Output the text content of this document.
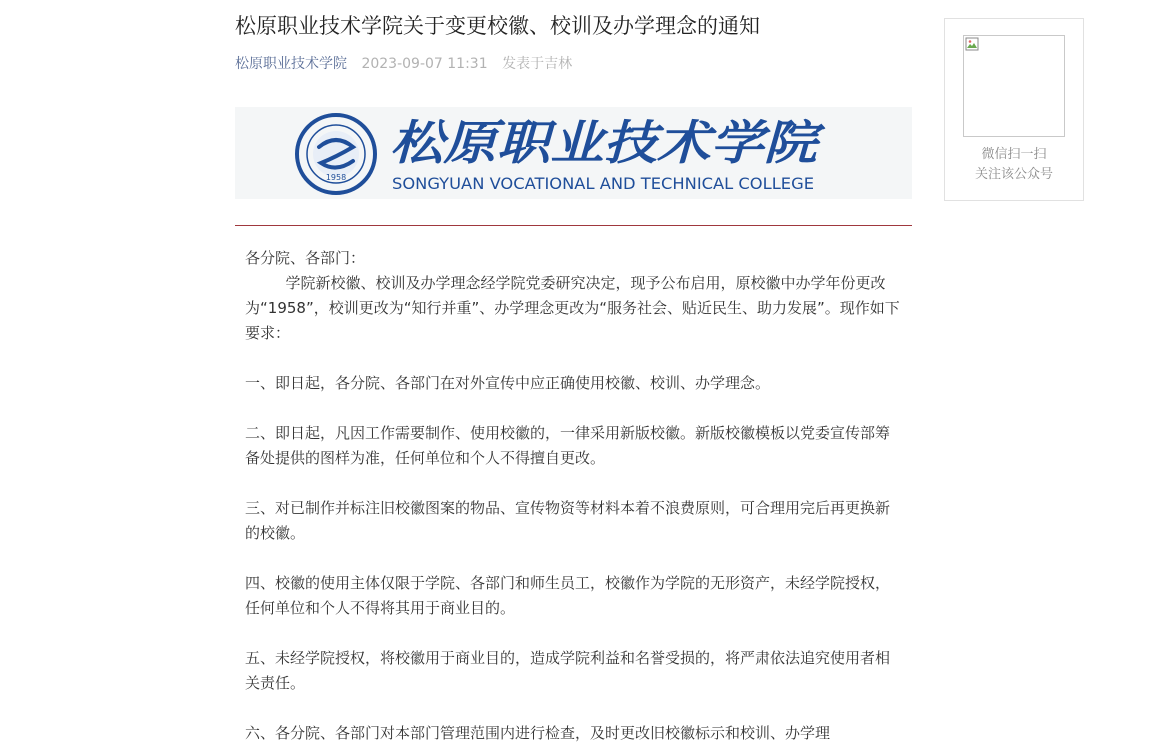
松原职业技术学院关于变更校徽、校训及办学理念的通知
松原职业技术学院 2023-09-07 11:31 发表于吉林
1958
松原职业技术学院
SONGYUAN VOCATIONAL AND TECHNICAL COLLEGE

各分院、各部门：

学院新校徽、校训及办学理念经学院党委研究决定，现予公布启用，原校徽中办学年份更改为“1958”，校训更改为“知行并重”、办学理念更改为“服务社会、贴近民生、助力发展”。现作如下要求：

一、即日起，各分院、各部门在对外宣传中应正确使用校徽、校训、办学理念。

二、即日起，凡因工作需要制作、使用校徽的，一律采用新版校徽。新版校徽模板以党委宣传部筹备处提供的图样为准，任何单位和个人不得擅自更改。

三、对已制作并标注旧校徽图案的物品、宣传物资等材料本着不浪费原则，可合理用完后再更换新的校徽。

四、校徽的使用主体仅限于学院、各部门和师生员工，校徽作为学院的无形资产，未经学院授权，任何单位和个人不得将其用于商业目的。

五、未经学院授权，将校徽用于商业目的，造成学院利益和名誉受损的，将严肃依法追究使用者相关责任。

六、各分院、各部门对本部门管理范围内进行检查，及时更改旧校徽标示和校训、办学理

微信扫一扫
关注该公众号
